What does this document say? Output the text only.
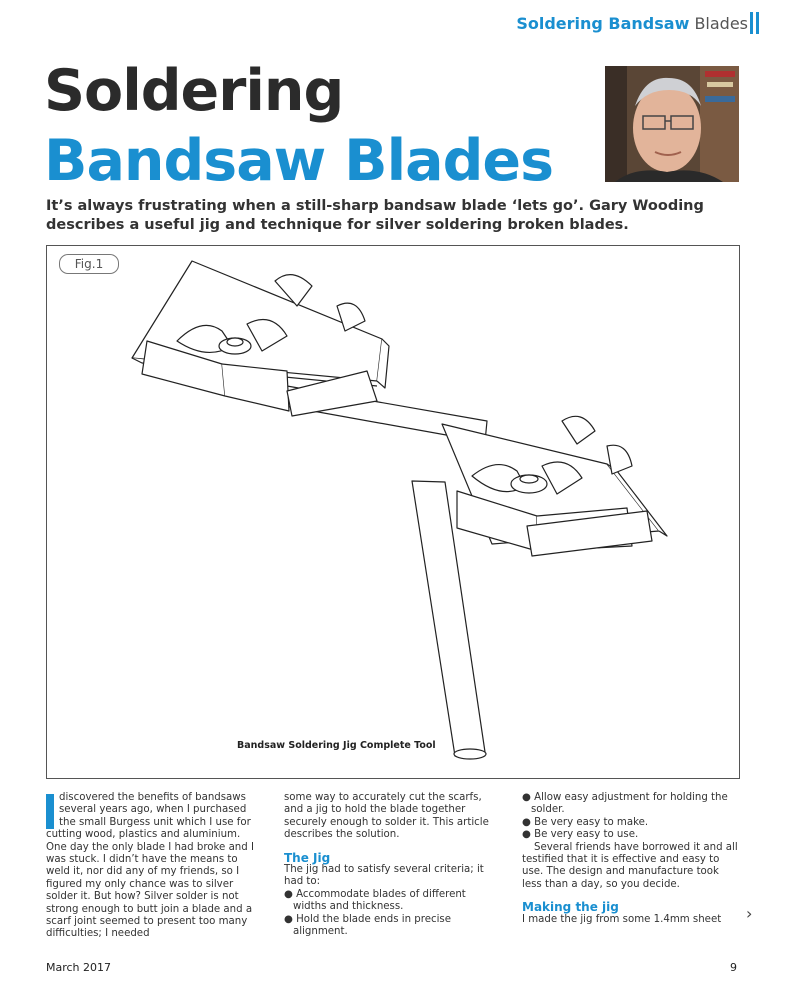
Soldering Bandsaw Blades
Soldering
Bandsaw Blades
It’s always frustrating when a still-sharp bandsaw blade ‘lets go’. Gary Wooding describes a useful jig and technique for silver soldering broken blades.
Fig.1
Bandsaw Soldering Jig Complete Tool

discovered the benefits of bandsaws several years ago, when I purchased the small Burgess unit which I use for cutting wood, plastics and aluminium. One day the only blade I had broke and I was stuck. I didn’t have the means to weld it, nor did any of my friends, so I figured my only chance was to silver solder it. But how? Silver solder is not strong enough to butt join a blade and a scarf joint seemed to present too many difficulties; I needed

some way to accurately cut the scarfs, and a jig to hold the blade together securely enough to solder it. This article describes the solution.

The Jig

The jig had to satisfy several criteria; it had to:

● Accommodate blades of different widths and thickness.

● Hold the blade ends in precise alignment.

● Allow easy adjustment for holding the solder.

● Be very easy to make.

● Be very easy to use.

Several friends have borrowed it and all testified that it is effective and easy to use. The design and manufacture took less than a day, so you decide.

Making the jig

I made the jig from some 1.4mm sheet	›
March 2017	9
